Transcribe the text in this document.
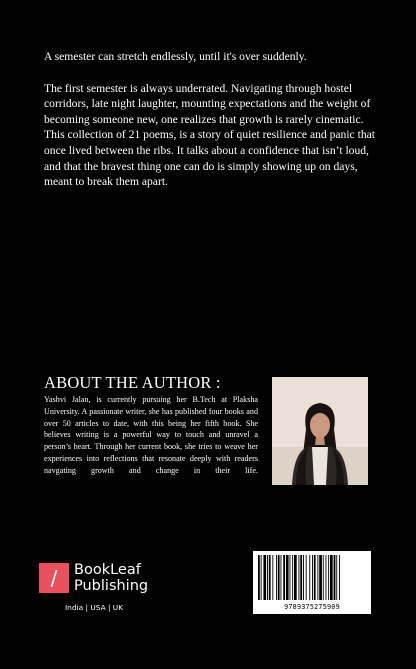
A semester can stretch endlessly, until it's over suddenly.

The first semester is always underrated. Navigating through hostel corridors, late night laughter, mounting expectations and the weight of becoming someone new, one realizes that growth is rarely cinematic. This collection of 21 poems, is a story of quiet resilience and panic that once lived between the ribs. It talks about a confidence that isn’t loud, and that the bravest thing one can do is simply showing up on days, meant to break them apart.

ABOUT THE AUTHOR :

Yashvi Jalan, is currently pursuing her B.Tech at Plaksha University. A passionate writer, she has published four books and over 50 articles to date, with this being her fifth book. She believes writing is a powerful way to touch and unravel a person’s heart. Through her current book, she tries to weave her experiences into reflections that resonate deeply with readers navgating growth and change in their life.

/ BookLeaf
Publishing
India | USA | UK	9789375275909
